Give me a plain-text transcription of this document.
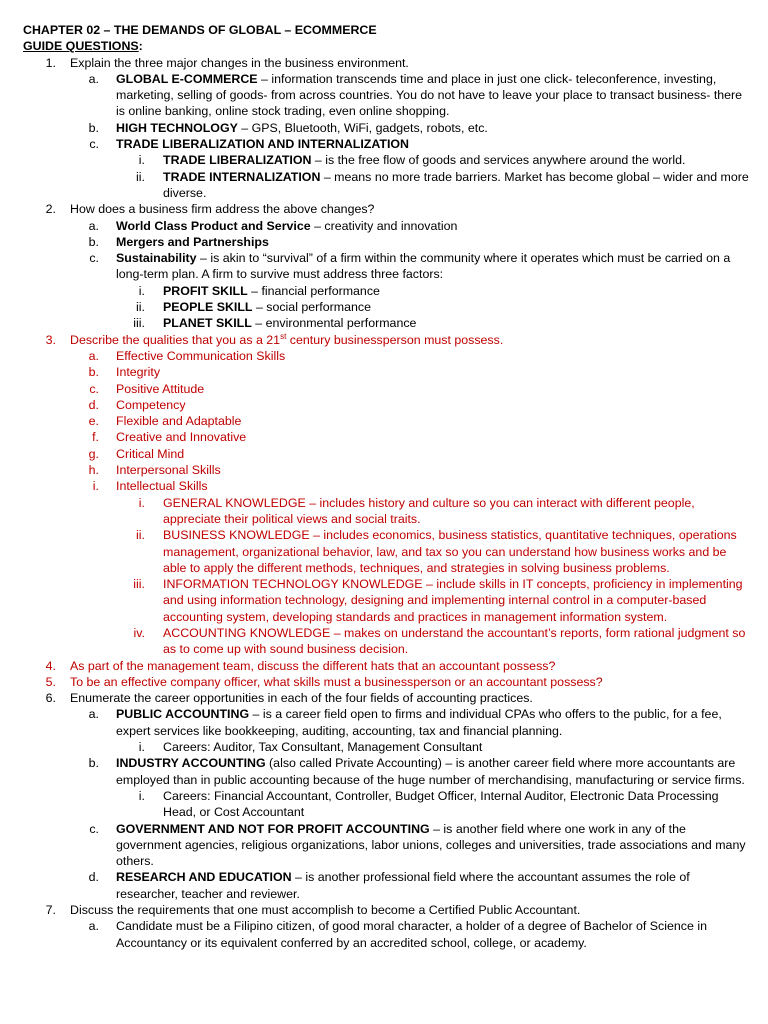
CHAPTER 02 – THE DEMANDS OF GLOBAL – ECOMMERCE
GUIDE QUESTIONS:
1. Explain the three major changes in the business environment.
a. GLOBAL E-COMMERCE – information transcends time and place in just one click- teleconference, investing, marketing, selling of goods- from across countries. You do not have to leave your place to transact business- there is online banking, online stock trading, even online shopping.
b. HIGH TECHNOLOGY – GPS, Bluetooth, WiFi, gadgets, robots, etc.
c. TRADE LIBERALIZATION AND INTERNALIZATION
i. TRADE LIBERALIZATION – is the free flow of goods and services anywhere around the world.
ii. TRADE INTERNALIZATION – means no more trade barriers. Market has become global – wider and more diverse.
2. How does a business firm address the above changes?
a. World Class Product and Service – creativity and innovation
b. Mergers and Partnerships
c. Sustainability – is akin to “survival” of a firm within the community where it operates which must be carried on a long-term plan. A firm to survive must address three factors:
i. PROFIT SKILL – financial performance
ii. PEOPLE SKILL – social performance
iii. PLANET SKILL – environmental performance
3. Describe the qualities that you as a 21st century businessperson must possess.
a. Effective Communication Skills
b. Integrity
c. Positive Attitude
d. Competency
e. Flexible and Adaptable
f. Creative and Innovative
g. Critical Mind
h. Interpersonal Skills
i. Intellectual Skills
i. GENERAL KNOWLEDGE – includes history and culture so you can interact with different people, appreciate their political views and social traits.
ii. BUSINESS KNOWLEDGE – includes economics, business statistics, quantitative techniques, operations management, organizational behavior, law, and tax so you can understand how business works and be able to apply the different methods, techniques, and strategies in solving business problems.
iii. INFORMATION TECHNOLOGY KNOWLEDGE – include skills in IT concepts, proficiency in implementing and using information technology, designing and implementing internal control in a computer-based accounting system, developing standards and practices in management information system.
iv. ACCOUNTING KNOWLEDGE – makes on understand the accountant’s reports, form rational judgment so as to come up with sound business decision.
4. As part of the management team, discuss the different hats that an accountant possess?
5. To be an effective company officer, what skills must a businessperson or an accountant possess?
6. Enumerate the career opportunities in each of the four fields of accounting practices.
a. PUBLIC ACCOUNTING – is a career field open to firms and individual CPAs who offers to the public, for a fee, expert services like bookkeeping, auditing, accounting, tax and financial planning.
i. Careers: Auditor, Tax Consultant, Management Consultant
b. INDUSTRY ACCOUNTING (also called Private Accounting) – is another career field where more accountants are employed than in public accounting because of the huge number of merchandising, manufacturing or service firms.
i. Careers: Financial Accountant, Controller, Budget Officer, Internal Auditor, Electronic Data Processing Head, or Cost Accountant
c. GOVERNMENT AND NOT FOR PROFIT ACCOUNTING – is another field where one work in any of the government agencies, religious organizations, labor unions, colleges and universities, trade associations and many others.
d. RESEARCH AND EDUCATION – is another professional field where the accountant assumes the role of researcher, teacher and reviewer.
7. Discuss the requirements that one must accomplish to become a Certified Public Accountant.
a. Candidate must be a Filipino citizen, of good moral character, a holder of a degree of Bachelor of Science in Accountancy or its equivalent conferred by an accredited school, college, or academy.
